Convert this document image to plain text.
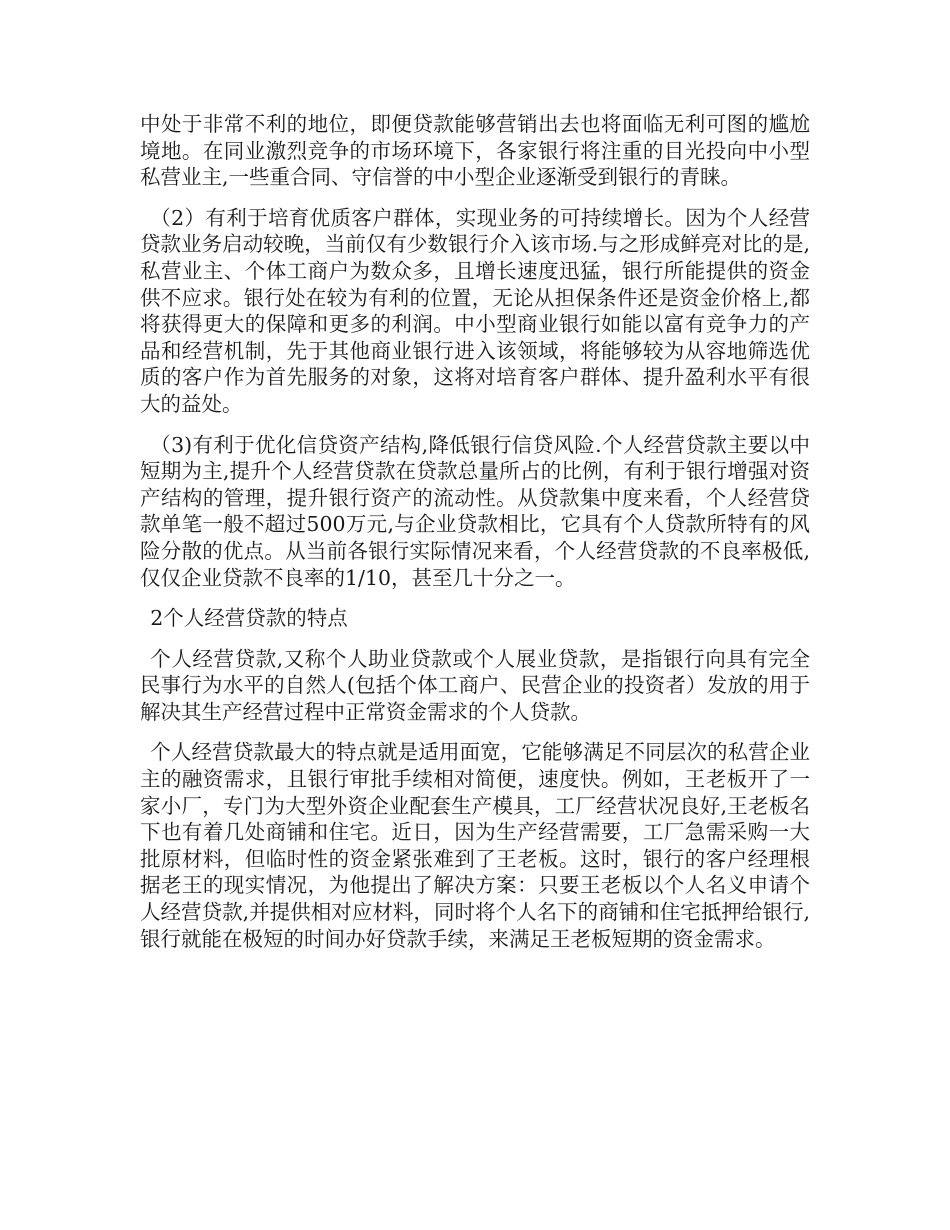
中处于非常不利的地位，即便贷款能够营销出去也将面临无利可图的尴尬境地。在同业激烈竞争的市场环境下，各家银行将注重的目光投向中小型私营业主,一些重合同、守信誉的中小型企业逐渐受到银行的青睐。

（2）有利于培育优质客户群体，实现业务的可持续增长。因为个人经营贷款业务启动较晚，当前仅有少数银行介入该市场.与之形成鲜亮对比的是,私营业主、个体工商户为数众多，且增长速度迅猛，银行所能提供的资金供不应求。银行处在较为有利的位置，无论从担保条件还是资金价格上,都将获得更大的保障和更多的利润。中小型商业银行如能以富有竞争力的产品和经营机制，先于其他商业银行进入该领域，将能够较为从容地筛选优质的客户作为首先服务的对象，这将对培育客户群体、提升盈利水平有很大的益处。

（3)有利于优化信贷资产结构,降低银行信贷风险.个人经营贷款主要以中短期为主,提升个人经营贷款在贷款总量所占的比例，有利于银行增强对资产结构的管理，提升银行资产的流动性。从贷款集中度来看，个人经营贷款单笔一般不超过500万元,与企业贷款相比，它具有个人贷款所特有的风险分散的优点。从当前各银行实际情况来看，个人经营贷款的不良率极低,仅仅企业贷款不良率的1/10，甚至几十分之一。

2个人经营贷款的特点

个人经营贷款,又称个人助业贷款或个人展业贷款，是指银行向具有完全民事行为水平的自然人(包括个体工商户、民营企业的投资者）发放的用于解决其生产经营过程中正常资金需求的个人贷款。

个人经营贷款最大的特点就是适用面宽，它能够满足不同层次的私营企业主的融资需求，且银行审批手续相对简便，速度快。例如，王老板开了一家小厂，专门为大型外资企业配套生产模具，工厂经营状况良好,王老板名下也有着几处商铺和住宅。近日，因为生产经营需要，工厂急需采购一大批原材料，但临时性的资金紧张难到了王老板。这时，银行的客户经理根据老王的现实情况，为他提出了解决方案：只要王老板以个人名义申请个人经营贷款,并提供相对应材料，同时将个人名下的商铺和住宅抵押给银行,银行就能在极短的时间办好贷款手续，来满足王老板短期的资金需求。
